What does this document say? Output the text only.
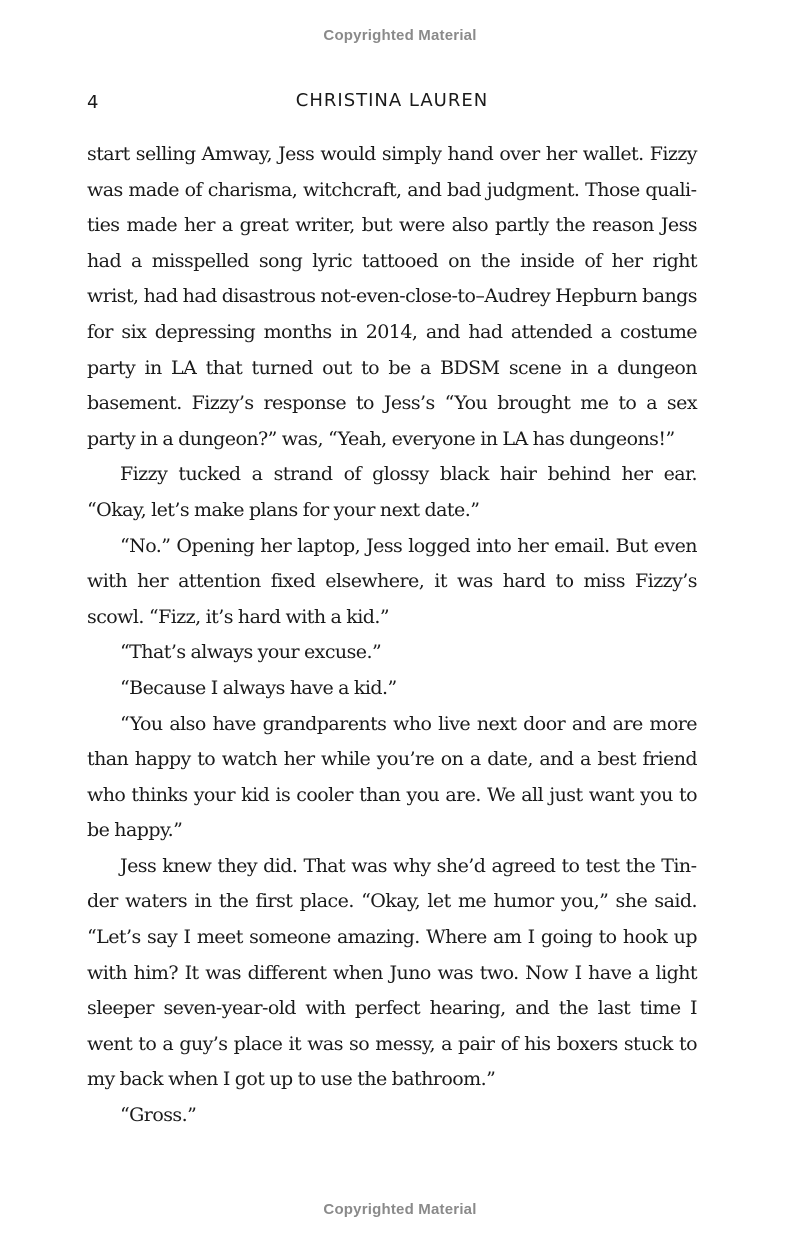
Copyrighted Material
4	CHRISTINA LAUREN

start selling Amway, Jess would simply hand over her wallet. Fizzy was made of charisma, witchcraft, and bad judgment. Those qualities made her a great writer, but were also partly the reason Jess had a misspelled song lyric tattooed on the inside of her right wrist, had had disastrous not-even-close-to–Audrey Hepburn bangs for six depressing months in 2014, and had attended a costume party in LA that turned out to be a BDSM scene in a dungeon basement. Fizzy’s response to Jess’s “You brought me to a sex party in a dungeon?” was, “Yeah, everyone in LA has dungeons!”

Fizzy tucked a strand of glossy black hair behind her ear. “Okay, let’s make plans for your next date.”

“No.” Opening her laptop, Jess logged into her email. But even with her attention fixed elsewhere, it was hard to miss Fizzy’s scowl. “Fizz, it’s hard with a kid.”

“That’s always your excuse.”

“Because I always have a kid.”

“You also have grandparents who live next door and are more than happy to watch her while you’re on a date, and a best friend who thinks your kid is cooler than you are. We all just want you to be happy.”

Jess knew they did. That was why she’d agreed to test the Tinder waters in the first place. “Okay, let me humor you,” she said. “Let’s say I meet someone amazing. Where am I going to hook up with him? It was different when Juno was two. Now I have a light sleeper seven-year-old with perfect hearing, and the last time I went to a guy’s place it was so messy, a pair of his boxers stuck to my back when I got up to use the bathroom.”

“Gross.”

Copyrighted Material
